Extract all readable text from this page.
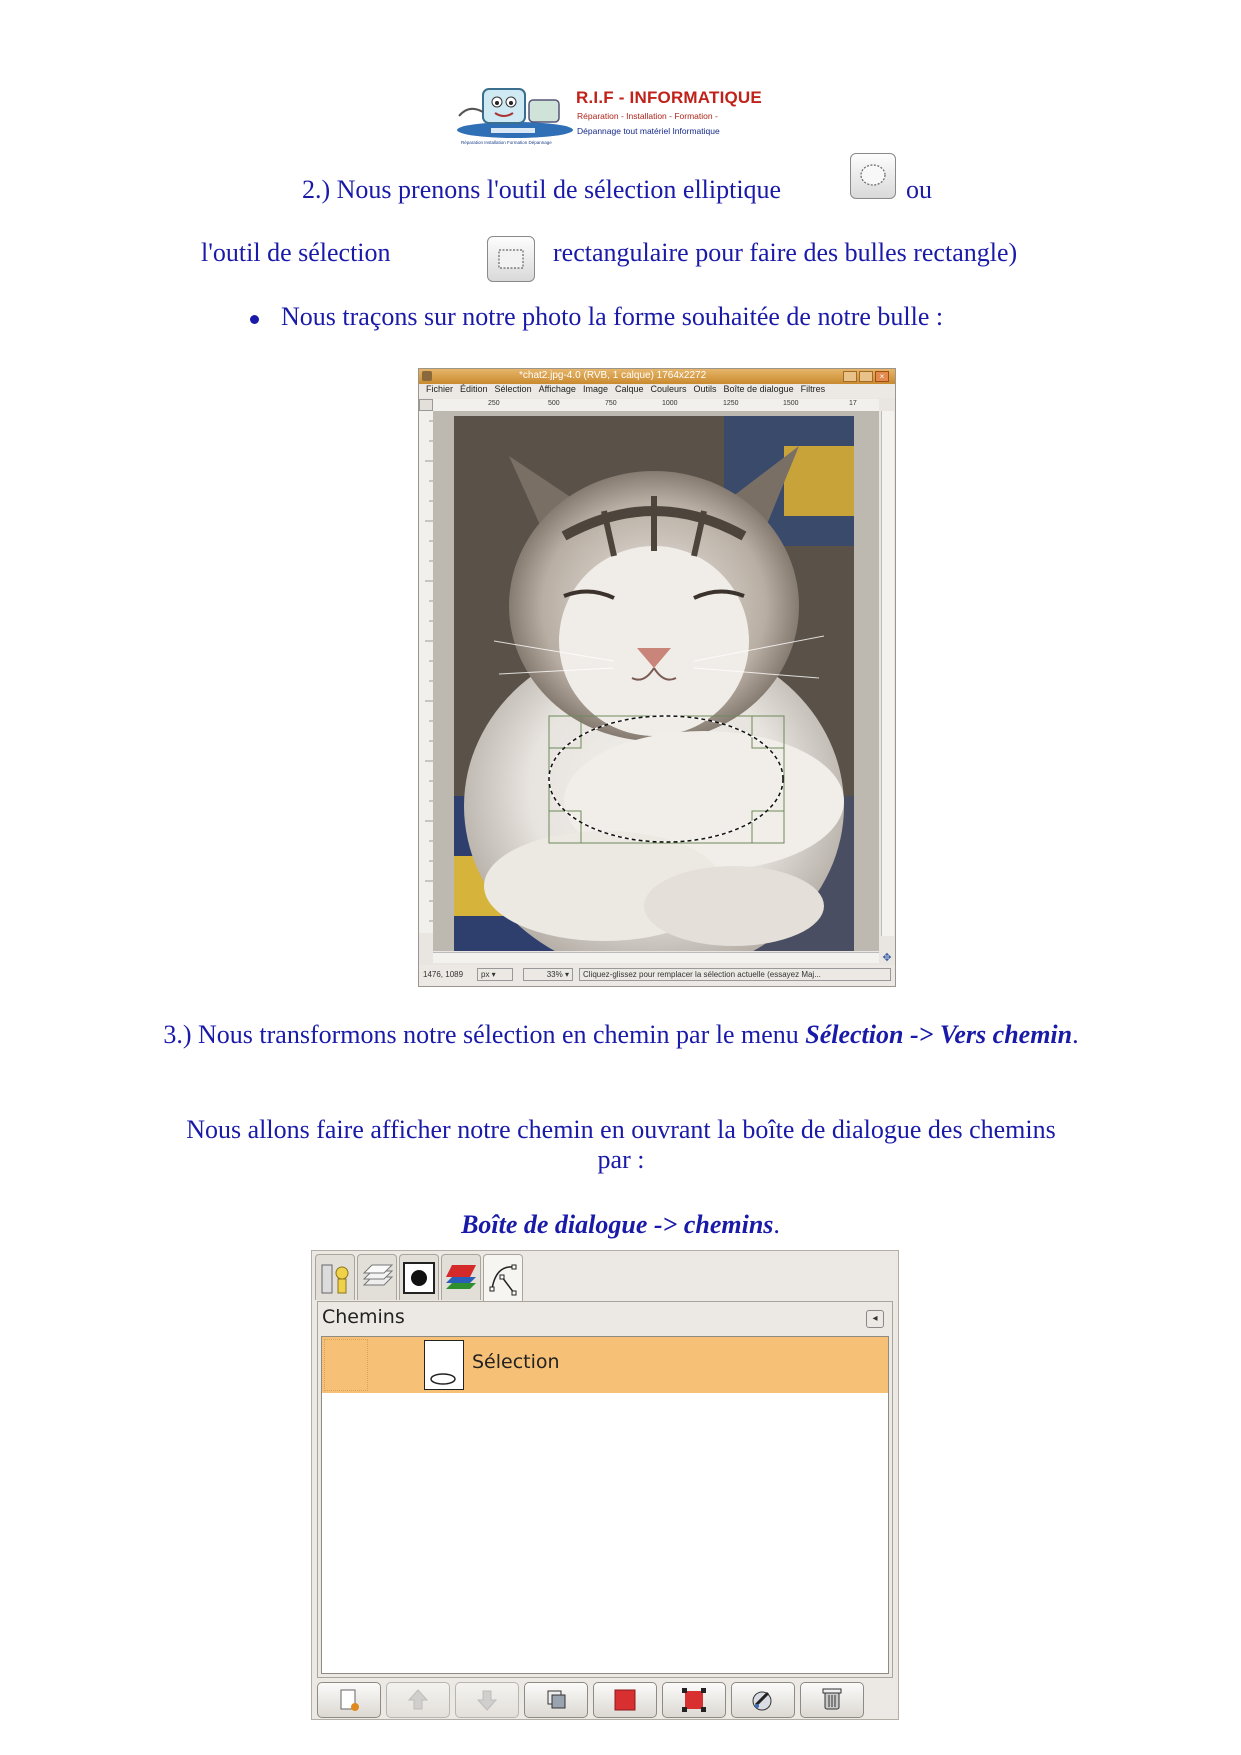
R.I.F - INFORMATIQUE
Réparation - Installation - Formation -
Dépannage tout matériel Informatique
Réparation Installation Formation Dépannage
2.) Nous prenons l'outil de sélection elliptique	ou
l'outil de sélection	rectangulaire pour faire des bulles rectangle)
Nous traçons sur notre photo la forme souhaitée de notre bulle :
*chat2.jpg-4.0 (RVB, 1 calque) 1764x2272	×
Fichier Édition Sélection Affichage Image Calque Couleurs Outils Boîte de dialogue Filtres
250	500	750	1000	1250	1500	17
✥
1476, 1089	px ▾	33% ▾	Cliquez-glissez pour remplacer la sélection actuelle (essayez Maj...
3.) Nous transformons notre sélection en chemin par le menu Sélection -> Vers chemin.
Nous allons faire afficher notre chemin en ouvrant la boîte de dialogue des chemins par :
Boîte de dialogue -> chemins.
Chemins	◂
Sélection
